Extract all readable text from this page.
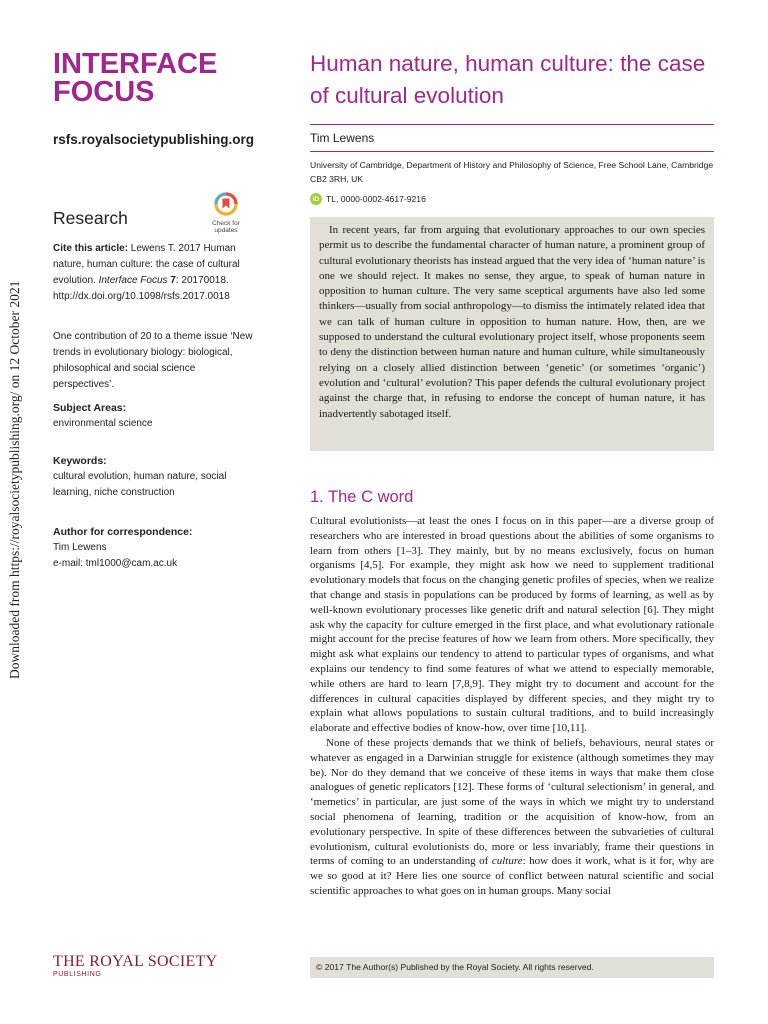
Downloaded from https://royalsocietypublishing.org/ on 12 October 2021
INTERFACE
FOCUS
rsfs.royalsocietypublishing.org
Research	Check for
updates
Cite this article: Lewens T. 2017 Human nature, human culture: the case of cultural evolution. Interface Focus 7: 20170018. http://dx.doi.org/10.1098/rsfs.2017.0018
One contribution of 20 to a theme issue ‘New trends in evolutionary biology: biological, philosophical and social science perspectives’.
Subject Areas:
environmental science
Keywords:
cultural evolution, human nature, social learning, niche construction
Author for correspondence:
Tim Lewens
e-mail: tml1000@cam.ac.uk
THE ROYAL SOCIETY
PUBLISHING
Human nature, human culture: the case of cultural evolution
Tim Lewens
University of Cambridge, Department of History and Philosophy of Science, Free School Lane, Cambridge CB2 3RH, UK
iD TL, 0000-0002-4617-9216

In recent years, far from arguing that evolutionary approaches to our own species permit us to describe the fundamental character of human nature, a prominent group of cultural evolutionary theorists has instead argued that the very idea of ‘human nature’ is one we should reject. It makes no sense, they argue, to speak of human nature in opposition to human culture. The very same sceptical arguments have also led some thinkers—usually from social anthropology—to dismiss the intimately related idea that we can talk of human culture in opposition to human nature. How, then, are we supposed to understand the cultural evolutionary project itself, whose proponents seem to deny the distinction between human nature and human culture, while simultaneously relying on a closely allied distinction between ‘genetic’ (or sometimes ‘organic’) evolution and ‘cultural’ evolution? This paper defends the cultural evolutionary project against the charge that, in refusing to endorse the concept of human nature, it has inadvertently sabotaged itself.

1. The C word

Cultural evolutionists—at least the ones I focus on in this paper—are a diverse group of researchers who are interested in broad questions about the abilities of some organisms to learn from others [1–3]. They mainly, but by no means exclusively, focus on human organisms [4,5]. For example, they might ask how we need to supplement traditional evolutionary models that focus on the changing genetic profiles of species, when we realize that change and stasis in populations can be produced by forms of learning, as well as by well-known evolutionary processes like genetic drift and natural selection [6]. They might ask why the capacity for culture emerged in the first place, and what evolutionary rationale might account for the precise features of how we learn from others. More specifically, they might ask what explains our tendency to attend to particular types of organisms, and what explains our tendency to find some features of what we attend to especially memorable, while others are hard to learn [7,8,9]. They might try to document and account for the differences in cultural capacities displayed by different species, and they might try to explain what allows populations to sustain cultural traditions, and to build increasingly elaborate and effective bodies of know-how, over time [10,11].

None of these projects demands that we think of beliefs, behaviours, neural states or whatever as engaged in a Darwinian struggle for existence (although sometimes they may be). Nor do they demand that we conceive of these items in ways that make them close analogues of genetic replicators [12]. These forms of ‘cultural selectionism’ in general, and ‘memetics’ in particular, are just some of the ways in which we might try to understand social phenomena of learning, tradition or the acquisition of know-how, from an evolutionary perspective. In spite of these differences between the subvarieties of cultural evolutionism, cultural evolutionists do, more or less invariably, frame their questions in terms of coming to an understanding of culture: how does it work, what is it for, why are we so good at it? Here lies one source of conflict between natural scientific and social scientific approaches to what goes on in human groups. Many social

© 2017 The Author(s) Published by the Royal Society. All rights reserved.
